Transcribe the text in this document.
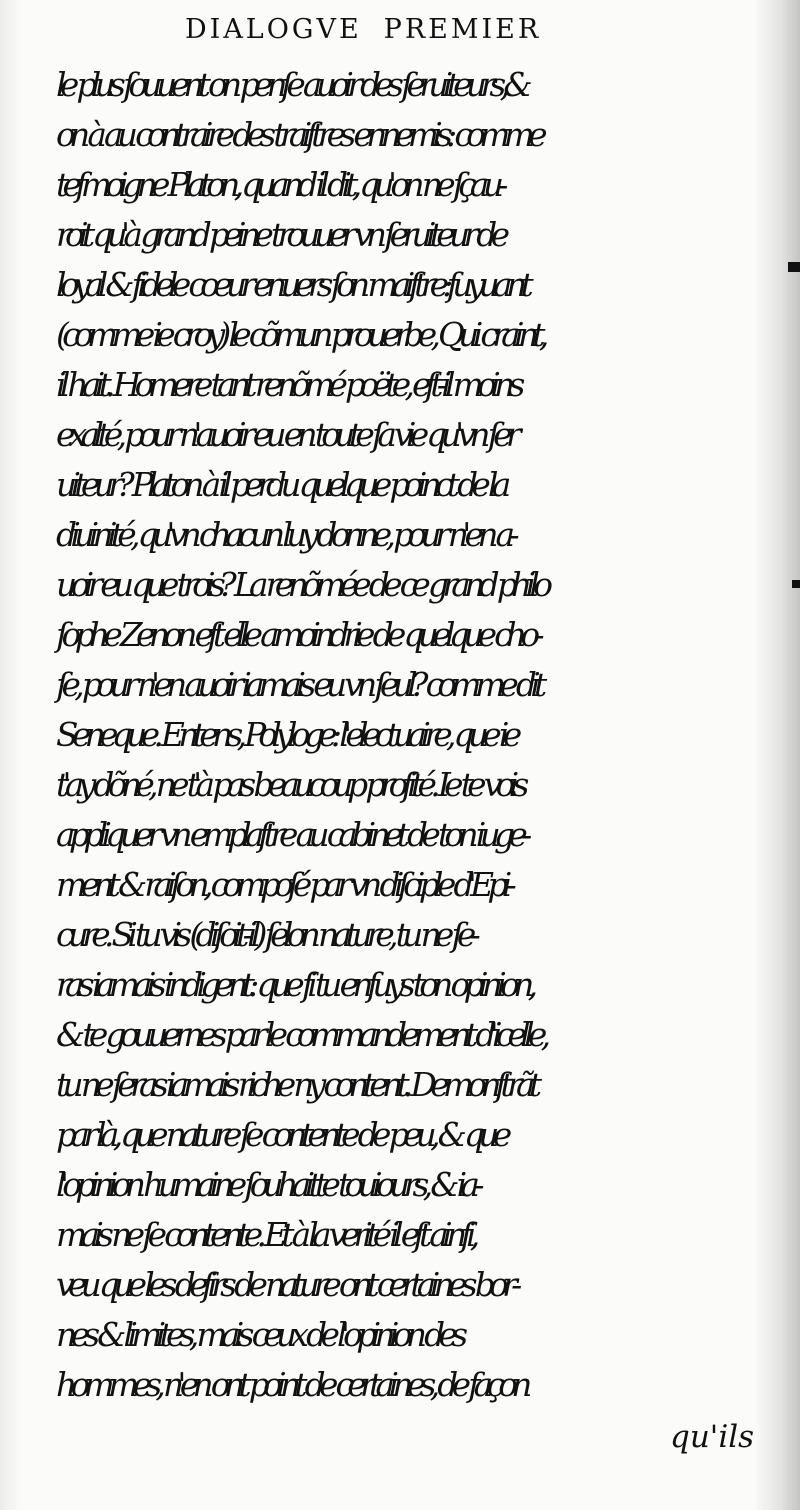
DIALOGVE PREMIER
le plus ſouuent on penſe auoir des ſeruiteurs,&
on à au contraire des traiſtres ennemis: comme
teſmoigne Platon, quand il dit, qu'on ne ſçau-
roit qu'à grand peine trouuer vn ſeruiteur de
loyal & fidele cœur enuers ſon maiſtre:ſuyuant
(comme ie croy) le cõmun prouerbe, Qui craint,
il hait. Homere tant renõmé poëte, eſt-il moins
exalté, pour n'auoir eu en toute ſa vie qu'vn ſer
uiteur? Platon à il perdu quelque poinct de la
diuinité, qu'vn chacun luy donne, pour n'en a-
uoir eu que trois? La renõmée de ce grand philo
ſophe Zenon eſt elle amoindrie de quelque cho-
ſe, pour n'en auoir iamais eu vn ſeul? comme dit
Seneque. Entens, Polyloge: l'electuaire, que ie
t'ay dõné, ne t'à pas beaucoup profité. Ie te vois
appliquer vn emplaſtre au cabinet de ton iuge-
ment & raiſon, compoſé par vn diſciple d'Epi-
cure. Si tu vis (diſoit-il) ſelon nature, tu ne ſe-
ras iamais indigent: que ſi tu enſuys ton opinion,
& te gouuernes par le commandement d'icelle,
tu ne ſeras iamais riche ny content. Demonſtrãt
par là, que nature ſe contente de peu, & que
l'opinion humaine ſouhaitte touiours, & ia-
mais ne ſe contente. Et à la verité il eſt ainſi,
veu que les deſirs de nature ont certaines bor-
nes & limites, mais ceux de l'opinion des
hommes, n'en ont point de certaines, de façon
qu'ils
